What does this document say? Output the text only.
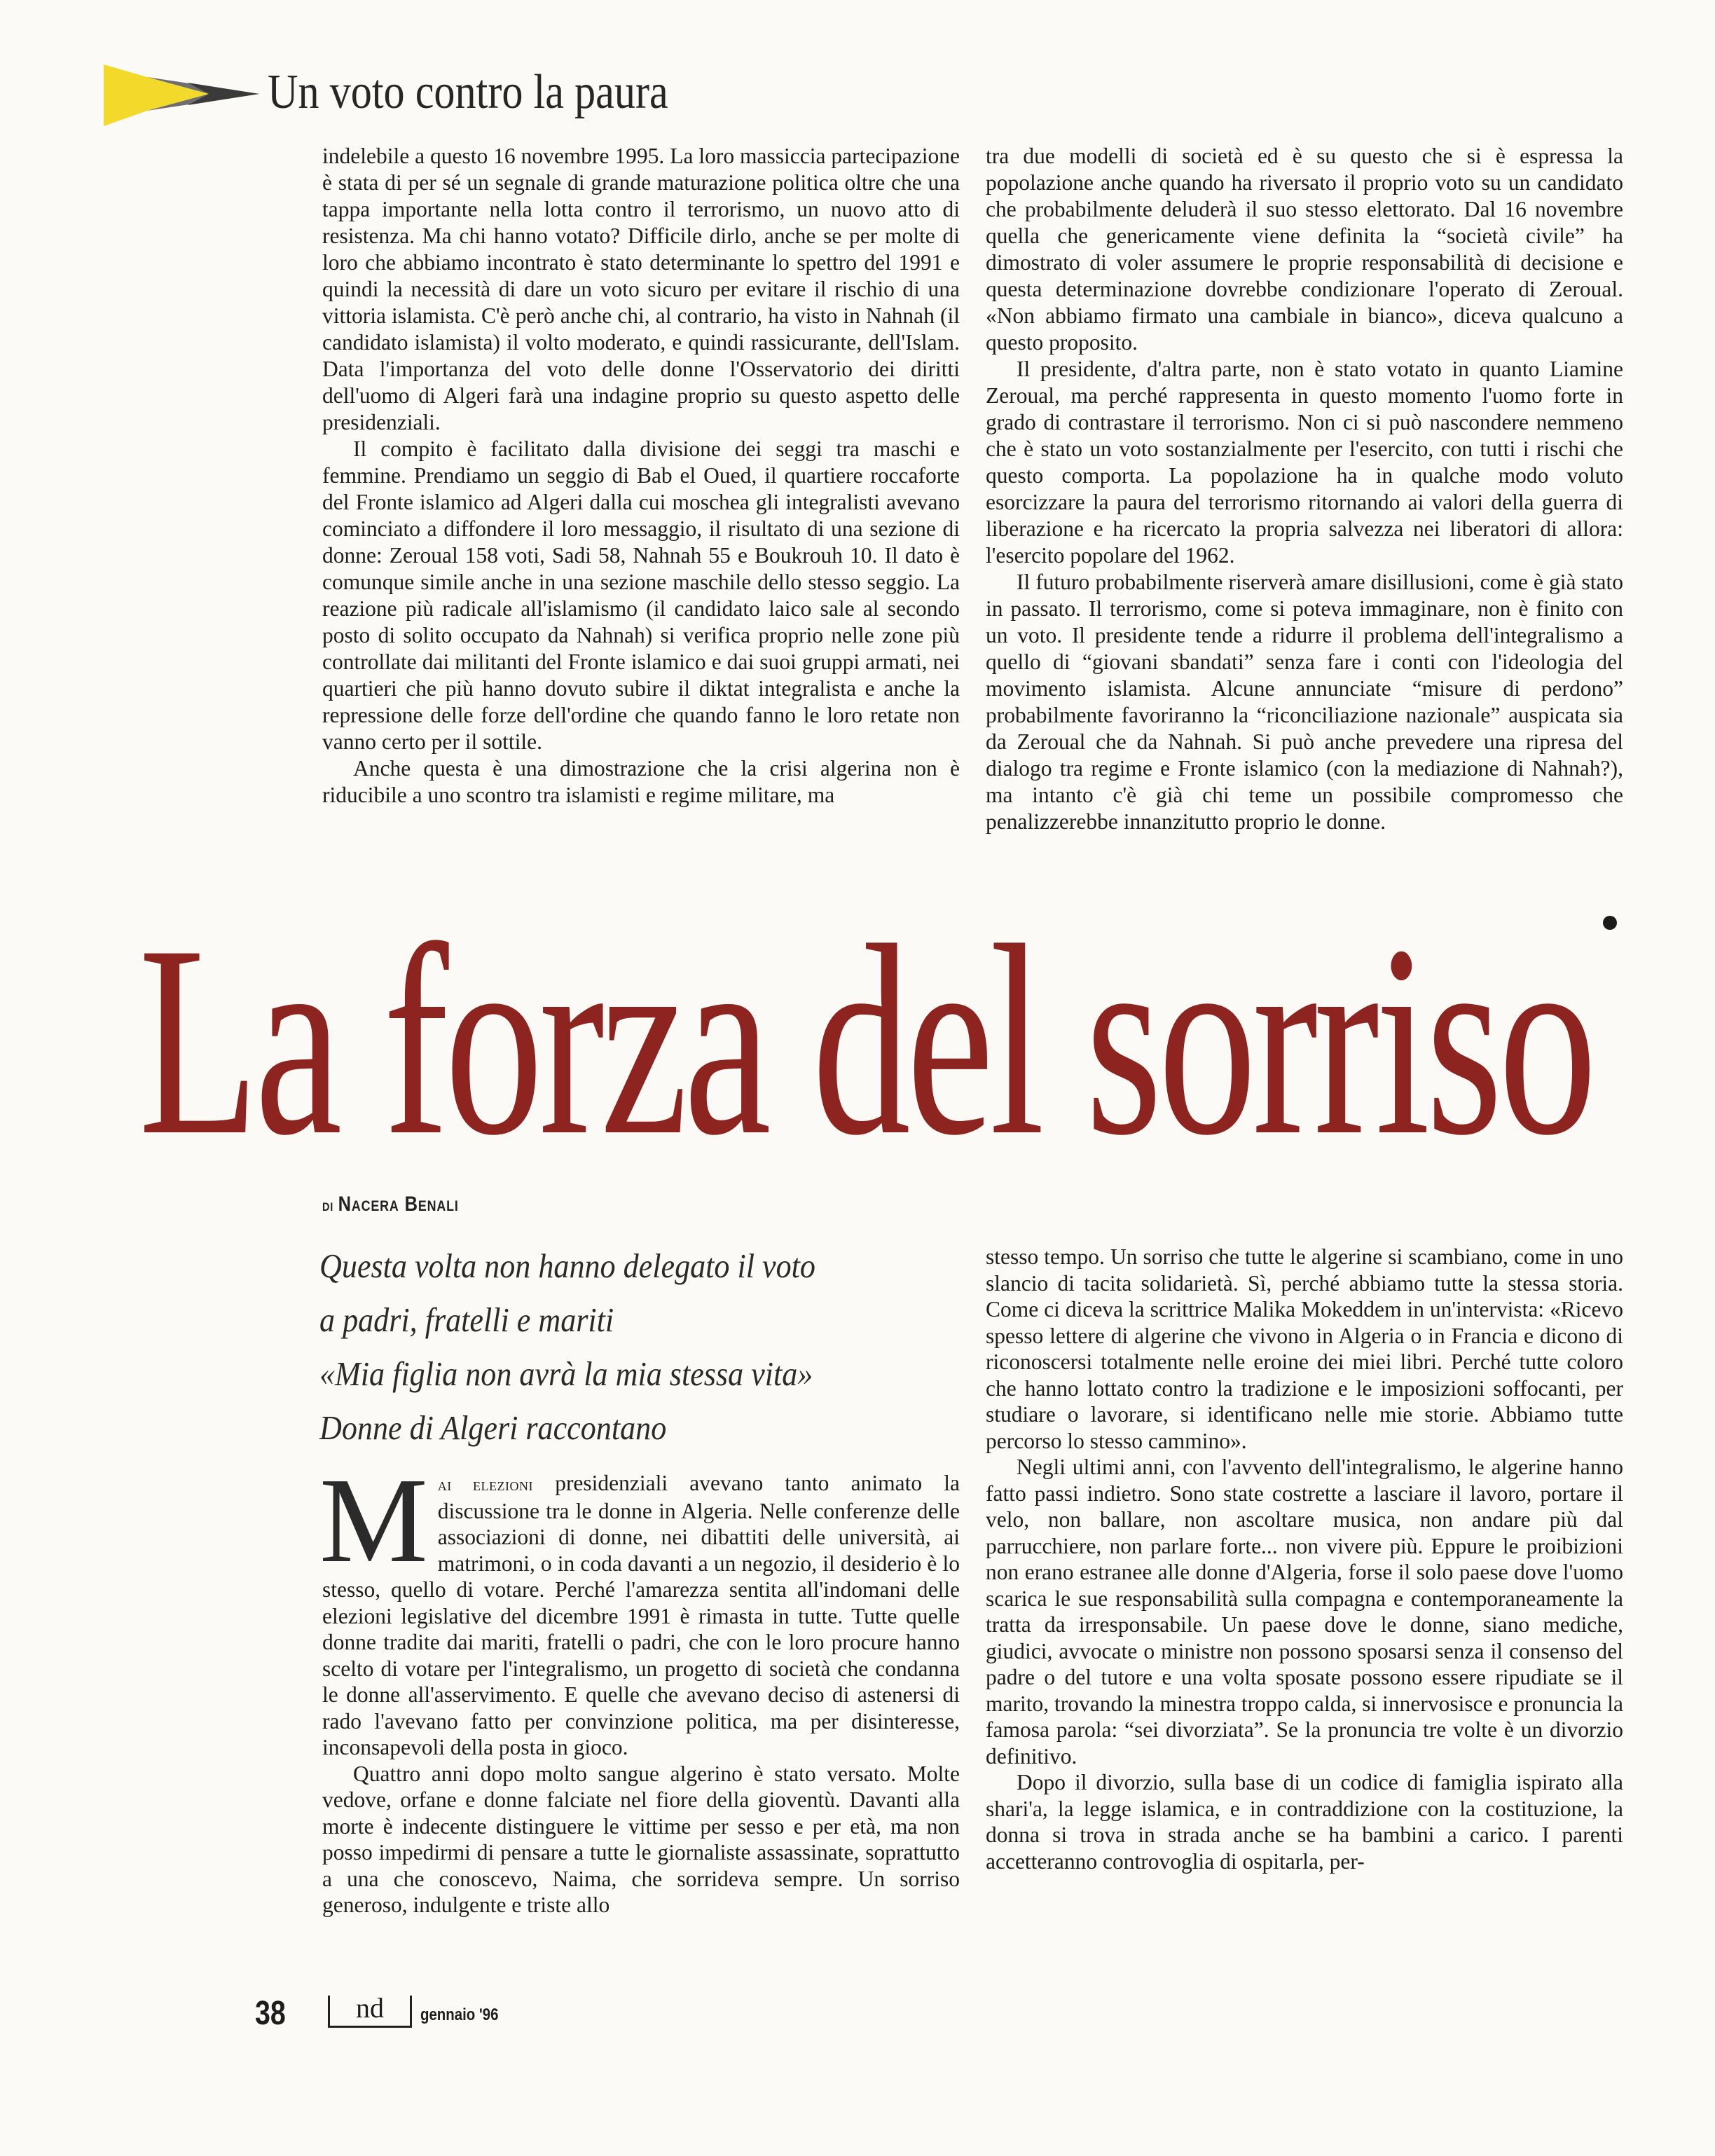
Un voto contro la paura

indelebile a questo 16 novembre 1995. La loro massiccia partecipazione è stata di per sé un segnale di grande maturazione politica oltre che una tappa importante nella lotta contro il terrorismo, un nuovo atto di resistenza. Ma chi hanno votato? Difficile dirlo, anche se per molte di loro che abbiamo incontrato è stato determinante lo spettro del 1991 e quindi la necessità di dare un voto sicuro per evitare il rischio di una vittoria islamista. C'è però anche chi, al contrario, ha visto in Nahnah (il candidato islamista) il volto moderato, e quindi rassicurante, dell'Islam. Data l'importanza del voto delle donne l'Osservatorio dei diritti dell'uomo di Algeri farà una indagine proprio su questo aspetto delle presidenziali.

Il compito è facilitato dalla divisione dei seggi tra maschi e femmine. Prendiamo un seggio di Bab el Oued, il quartiere roccaforte del Fronte islamico ad Algeri dalla cui moschea gli integralisti avevano cominciato a diffondere il loro messaggio, il risultato di una sezione di donne: Zeroual 158 voti, Sadi 58, Nahnah 55 e Boukrouh 10. Il dato è comunque simile anche in una sezione maschile dello stesso seggio. La reazione più radicale all'islamismo (il candidato laico sale al secondo posto di solito occupato da Nahnah) si verifica proprio nelle zone più controllate dai militanti del Fronte islamico e dai suoi gruppi armati, nei quartieri che più hanno dovuto subire il diktat integralista e anche la repressione delle forze dell'ordine che quando fanno le loro retate non vanno certo per il sottile.

Anche questa è una dimostrazione che la crisi algerina non è riducibile a uno scontro tra islamisti e regime militare, ma

tra due modelli di società ed è su questo che si è espressa la popolazione anche quando ha riversato il proprio voto su un candidato che probabilmente deluderà il suo stesso elettorato. Dal 16 novembre quella che genericamente viene definita la “società civile” ha dimostrato di voler assumere le proprie responsabilità di decisione e questa determinazione dovrebbe condizionare l'operato di Zeroual. «Non abbiamo firmato una cambiale in bianco», diceva qualcuno a questo proposito.

Il presidente, d'altra parte, non è stato votato in quanto Liamine Zeroual, ma perché rappresenta in questo momento l'uomo forte in grado di contrastare il terrorismo. Non ci si può nascondere nemmeno che è stato un voto sostanzialmente per l'esercito, con tutti i rischi che questo comporta. La popolazione ha in qualche modo voluto esorcizzare la paura del terrorismo ritornando ai valori della guerra di liberazione e ha ricercato la propria salvezza nei liberatori di allora: l'esercito popolare del 1962.

Il futuro probabilmente riserverà amare disillusioni, come è già stato in passato. Il terrorismo, come si poteva immaginare, non è finito con un voto. Il presidente tende a ridurre il problema dell'integralismo a quello di “giovani sbandati” senza fare i conti con l'ideologia del movimento islamista. Alcune annunciate “misure di perdono” probabilmente favoriranno la “riconciliazione nazionale” auspicata sia da Zeroual che da Nahnah. Si può anche prevedere una ripresa del dialogo tra regime e Fronte islamico (con la mediazione di Nahnah?), ma intanto c'è già chi teme un possibile compromesso che penalizzerebbe innanzitutto proprio le donne.

La forza del sorriso
di Nacera Benali
Questa volta non hanno delegato il voto
a padri, fratelli e mariti
«Mia figlia non avrà la mia stessa vita»
Donne di Algeri raccontano

Mai elezioni presidenziali avevano tanto animato la discussione tra le donne in Algeria. Nelle conferenze delle associazioni di donne, nei dibattiti delle università, ai matrimoni, o in coda davanti a un negozio, il desiderio è lo stesso, quello di votare. Perché l'amarezza sentita all'indomani delle elezioni legislative del dicembre 1991 è rimasta in tutte. Tutte quelle donne tradite dai mariti, fratelli o padri, che con le loro procure hanno scelto di votare per l'integralismo, un progetto di società che condanna le donne all'asservimento. E quelle che avevano deciso di astenersi di rado l'avevano fatto per convinzione politica, ma per disinteresse, inconsapevoli della posta in gioco.

Quattro anni dopo molto sangue algerino è stato versato. Molte vedove, orfane e donne falciate nel fiore della gioventù. Davanti alla morte è indecente distinguere le vittime per sesso e per età, ma non posso impedirmi di pensare a tutte le giornaliste assassinate, soprattutto a una che conoscevo, Naima, che sorrideva sempre. Un sorriso generoso, indulgente e triste allo

stesso tempo. Un sorriso che tutte le algerine si scambiano, come in uno slancio di tacita solidarietà. Sì, perché abbiamo tutte la stessa storia. Come ci diceva la scrittrice Malika Mokeddem in un'intervista: «Ricevo spesso lettere di algerine che vivono in Algeria o in Francia e dicono di riconoscersi totalmente nelle eroine dei miei libri. Perché tutte coloro che hanno lottato contro la tradizione e le imposizioni soffocanti, per studiare o lavorare, si identificano nelle mie storie. Abbiamo tutte percorso lo stesso cammino».

Negli ultimi anni, con l'avvento dell'integralismo, le algerine hanno fatto passi indietro. Sono state costrette a lasciare il lavoro, portare il velo, non ballare, non ascoltare musica, non andare più dal parrucchiere, non parlare forte... non vivere più. Eppure le proibizioni non erano estranee alle donne d'Algeria, forse il solo paese dove l'uomo scarica le sue responsabilità sulla compagna e contemporaneamente la tratta da irresponsabile. Un paese dove le donne, siano mediche, giudici, avvocate o ministre non possono sposarsi senza il consenso del padre o del tutore e una volta sposate possono essere ripudiate se il marito, trovando la minestra troppo calda, si innervosisce e pronuncia la famosa parola: “sei divorziata”. Se la pronuncia tre volte è un divorzio definitivo.

Dopo il divorzio, sulla base di un codice di famiglia ispirato alla shari'a, la legge islamica, e in contraddizione con la costituzione, la donna si trova in strada anche se ha bambini a carico. I parenti accetteranno controvoglia di ospitarla, per-

38	nd	gennaio '96
